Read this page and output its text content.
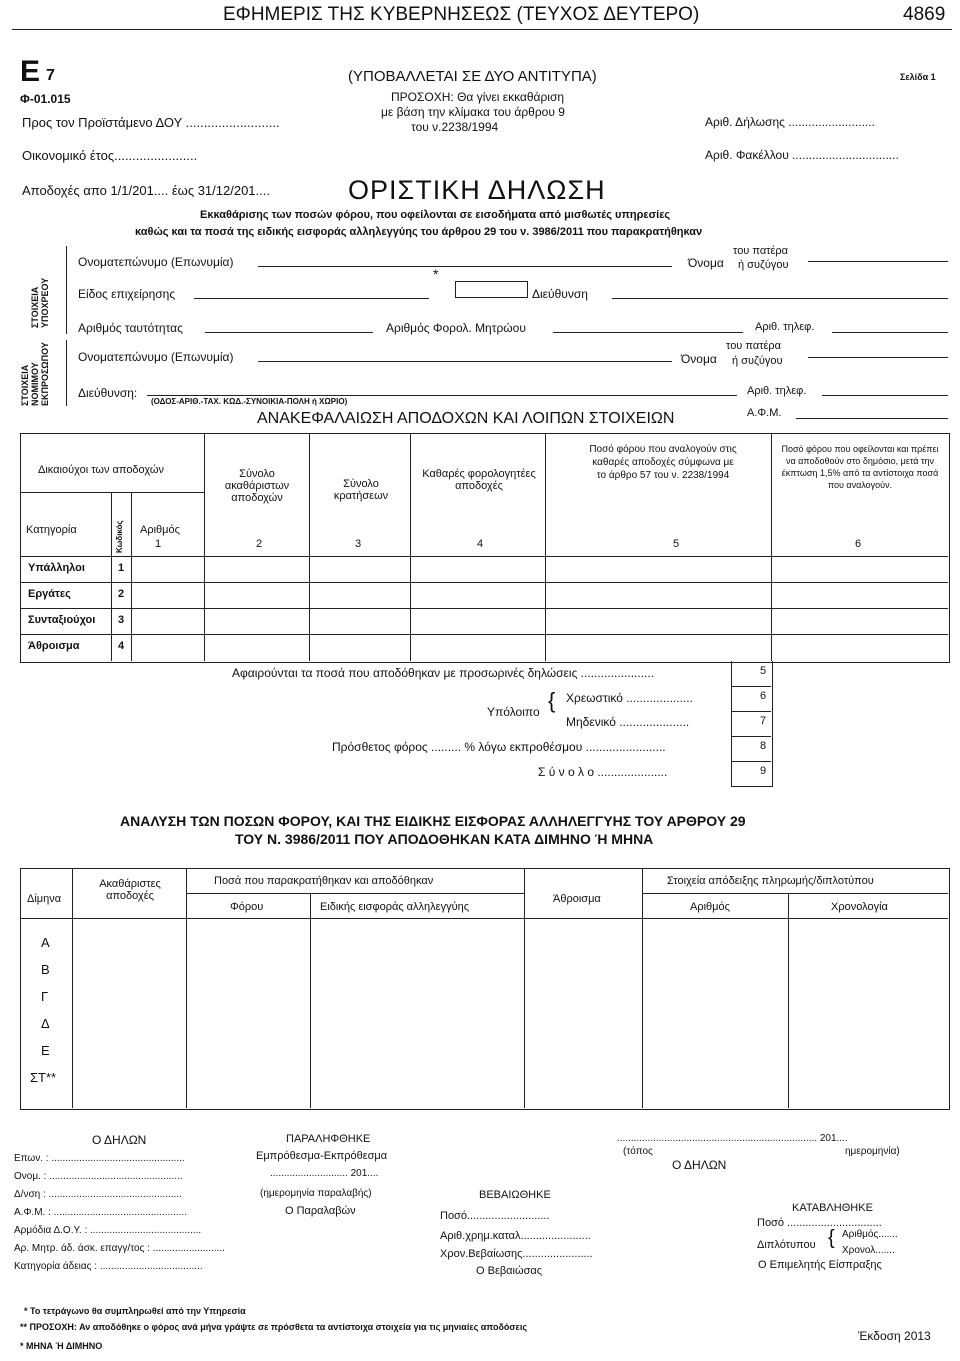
ΕΦΗΜΕΡΙΣ ΤΗΣ ΚΥΒΕΡΝΗΣΕΩΣ (ΤΕΥΧΟΣ ΔΕΥΤΕΡΟ)	4869
Ε 7
Φ-01.015
(ΥΠΟΒΑΛΛΕΤΑΙ ΣΕ ΔΥΟ ΑΝΤΙΤΥΠΑ)
ΠΡΟΣΟΧΗ: Θα γίνει εκκαθάριση
με βάση την κλίμακα του άρθρου 9
του ν.2238/1994
Σελίδα 1
Προς τον Προϊστάμενο ΔΟΥ ..........................	Αριθ. Δήλωσης ..........................
Οικονομικό έτος.......................	Αριθ. Φακέλλου ................................
Αποδοχές απο 1/1/201.... έως 31/12/201....	ΟΡΙΣΤΙΚΗ ΔΗΛΩΣΗ
Εκκαθάρισης των ποσών φόρου, που οφείλονται σε εισοδήματα από μισθωτές υπηρεσίες
καθώς και τα ποσά της ειδικής εισφοράς αλληλεγγύης του άρθρου 29 του ν. 3986/2011 που παρακρατήθηκαν
ΣΤΟΙΧΕΙΑ ΥΠΟΧΡΕΟΥ
Ονοματεπώνυμο (Επωνυμία)	Όνομα
του πατέρα
ή συζύγου
Είδος επιχείρησης
*
Διεύθυνση
Αριθμός ταυτότητας	Αριθμός Φορολ. Μητρώου	Αριθ. τηλεφ.
ΣΤΟΙΧΕΙΑ ΝΟΜΙΜΟΥ ΕΚΠΡΟΣΩΠΟΥ	Ονοματεπώνυμο (Επωνυμία)	Όνομα
του πατέρα
ή συζύγου
Διεύθυνση:
(ΟΔΟΣ-ΑΡΙΘ.-ΤΑΧ. ΚΩΔ.-ΣΥΝΟΙΚΙΑ-ΠΟΛΗ ή ΧΩΡΙΟ)
Αριθ. τηλεφ.
Α.Φ.Μ.
ΑΝΑΚΕΦΑΛΑΙΩΣΗ ΑΠΟΔΟΧΩΝ ΚΑΙ ΛΟΙΠΩΝ ΣΤΟΙΧΕΙΩΝ
Δικαιούχοι των αποδοχών
Κατηγορία	Κωδικός Αριθμός
Σύνολο ακαθάριστων αποδοχών
Σύνολο κρατήσεων
Καθαρές φορολογητέες αποδοχές
Ποσό φόρου που αναλογούν στις καθαρές αποδοχές σύμφωνα με το άρθρο 57 του ν. 2238/1994
Ποσό φόρου που οφείλονται και πρέπει να αποδοθούν στο δημόσιο, μετά την έκπτωση 1,5% από τα αντίστοιχα ποσά που αναλογούν.
1	2	3	4	5	6
Υπάλληλοι	1
Εργάτες	2
Συνταξιούχοι 3
Άθροισμα	4
Αφαιρούνται τα ποσά που αποδόθηκαν με προσωρινές δηλώσεις ......................	5
Υπόλοιπο { Χρεωστικό ....................	6
Μηδενικό .....................	7
Πρόσθετος φόρος ......... % λόγω εκπροθέσμου ........................	8
Σ ύ ν ο λ ο .....................	9
ΑΝΑΛΥΣΗ ΤΩΝ ΠΟΣΩΝ ΦΟΡΟΥ, ΚΑΙ ΤΗΣ ΕΙΔΙΚΗΣ ΕΙΣΦΟΡΑΣ ΑΛΛΗΛΕΓΓΥΗΣ ΤΟΥ ΑΡΘΡΟΥ 29
ΤΟΥ Ν. 3986/2011 ΠΟΥ ΑΠΟΔΟΘΗΚΑΝ ΚΑΤΑ ΔΙΜΗΝΟ Ή ΜΗΝΑ
Δίμηνα
Ακαθάριστες αποδοχές
Ποσά που παρακρατήθηκαν και αποδόθηκαν
Φόρου	Ειδικής εισφοράς αλληλεγγύης
Άθροισμα
Στοιχεία απόδειξης πληρωμής/διπλοτύπου
Αριθμός	Χρονολογία
Α
Β
Γ
Δ
Ε
ΣΤ**
Ο ΔΗΛΩΝ
Επων. : ................................................
Ονομ. : ................................................
Δ/νση : ................................................
Α.Φ.Μ. : ................................................
Αρμόδια Δ.Ο.Υ. : ........................................
Αρ. Μητρ. άδ. άσκ. επαγγ/τος : ..........................
Κατηγορία άδειας : .....................................
ΠΑΡΑΛΗΦΘΗΚΕ
Εμπρόθεσμα-Εκπρόθεσμα
............................ 201....
(ημερομηνία παραλαβής)
Ο Παραλαβών
........................................................................ 201....
(τόπος	ημερομηνία)
Ο ΔΗΛΩΝ
ΒΕΒΑΙΩΘΗΚΕ
Ποσό...........................
Αριθ.χρημ.καταλ.......................
Χρον.Βεβαίωσης.......................
Ο Βεβαιώσας
ΚΑΤΑΒΛΗΘΗΚΕ
Ποσό ...............................
Διπλότυπου { Αριθμός.......
Χρονολ.......
Ο Επιμελητής Είσπραξης
* Το τετράγωνο θα συμπληρωθεί από την Υπηρεσία
** ΠΡΟΣΟΧΗ: Αν αποδόθηκε ο φόρος ανά μήνα γράψτε σε πρόσθετα τα αντίστοιχα στοιχεία για τις μηνιαίες αποδόσεις
* ΜΗΝΑ Ή ΔΙΜΗΝΟ
Έκδοση 2013
